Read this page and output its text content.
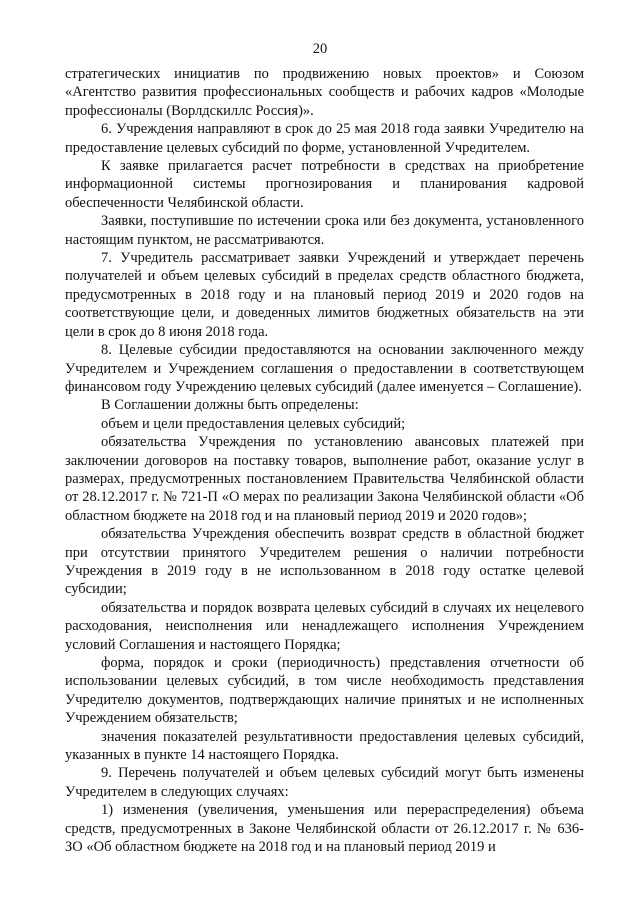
20

стратегических инициатив по продвижению новых проектов» и Союзом «Агентство развития профессиональных сообществ и рабочих кадров «Молодые профессионалы (Ворлдскиллс Россия)».

6. Учреждения направляют в срок до 25 мая 2018 года заявки Учредителю на предоставление целевых субсидий по форме, установленной Учредителем.

К заявке прилагается расчет потребности в средствах на приобретение информационной системы прогнозирования и планирования кадровой обеспеченности Челябинской области.

Заявки, поступившие по истечении срока или без документа, установленного настоящим пунктом, не рассматриваются.

7. Учредитель рассматривает заявки Учреждений и утверждает перечень получателей и объем целевых субсидий в пределах средств областного бюджета, предусмотренных в 2018 году и на плановый период 2019 и 2020 годов на соответствующие цели, и доведенных лимитов бюджетных обязательств на эти цели в срок до 8 июня 2018 года.

8. Целевые субсидии предоставляются на основании заключенного между Учредителем и Учреждением соглашения о предоставлении в соответствующем финансовом году Учреждению целевых субсидий (далее именуется – Соглашение).

В Соглашении должны быть определены:

объем и цели предоставления целевых субсидий;

обязательства Учреждения по установлению авансовых платежей при заключении договоров на поставку товаров, выполнение работ, оказание услуг в размерах, предусмотренных постановлением Правительства Челябинской области от 28.12.2017 г. № 721-П «О мерах по реализации Закона Челябинской области «Об областном бюджете на 2018 год и на плановый период 2019 и 2020 годов»;

обязательства Учреждения обеспечить возврат средств в областной бюджет при отсутствии принятого Учредителем решения о наличии потребности Учреждения в 2019 году в не использованном в 2018 году остатке целевой субсидии;

обязательства и порядок возврата целевых субсидий в случаях их нецелевого расходования, неисполнения или ненадлежащего исполнения Учреждением условий Соглашения и настоящего Порядка;

форма, порядок и сроки (периодичность) представления отчетности об использовании целевых субсидий, в том числе необходимость представления Учредителю документов, подтверждающих наличие принятых и не исполненных Учреждением обязательств;

значения показателей результативности предоставления целевых субсидий, указанных в пункте 14 настоящего Порядка.

9. Перечень получателей и объем целевых субсидий могут быть изменены Учредителем в следующих случаях:

1) изменения (увеличения, уменьшения или перераспределения) объема средств, предусмотренных в Законе Челябинской области от 26.12.2017 г. № 636-ЗО «Об областном бюджете на 2018 год и на плановый период 2019 и
